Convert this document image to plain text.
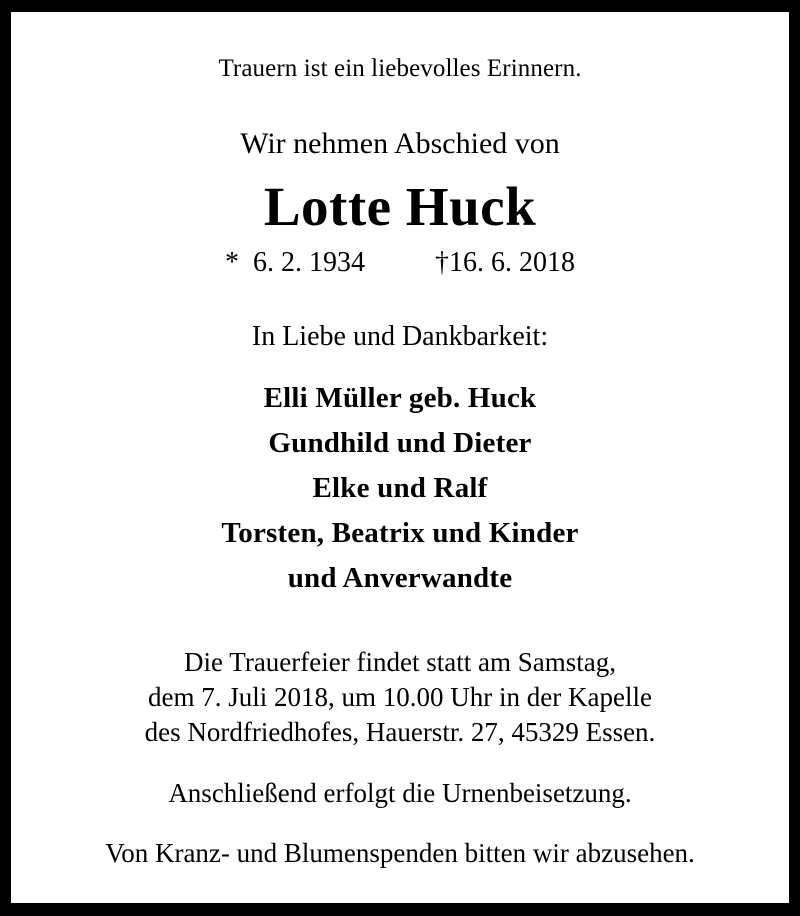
Trauern ist ein liebevolles Erinnern.
Wir nehmen Abschied von
Lotte Huck
*  6. 2. 1934          †16. 6. 2018
In Liebe und Dankbarkeit:
Elli Müller geb. Huck
Gundhild und Dieter
Elke und Ralf
Torsten, Beatrix und Kinder
und Anverwandte
Die Trauerfeier findet statt am Samstag,
dem 7. Juli 2018, um 10.00 Uhr in der Kapelle
des Nordfriedhofes, Hauerstr. 27, 45329 Essen.
Anschließend erfolgt die Urnenbeisetzung.
Von Kranz- und Blumenspenden bitten wir abzusehen.
